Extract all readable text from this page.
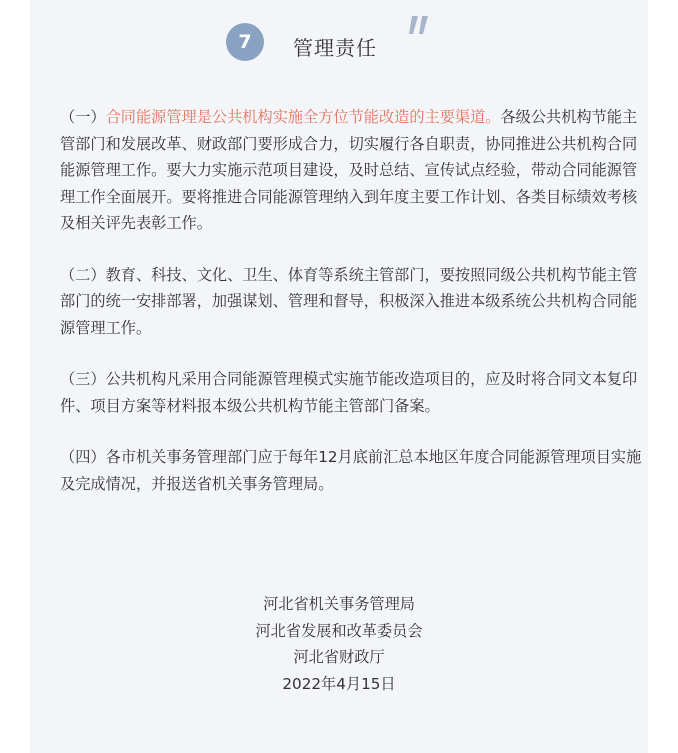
7	管理责任

（一）合同能源管理是公共机构实施全方位节能改造的主要渠道。各级公共机构节能主管部门和发展改革、财政部门要形成合力，切实履行各自职责，协同推进公共机构合同能源管理工作。要大力实施示范项目建设，及时总结、宣传试点经验，带动合同能源管理工作全面展开。要将推进合同能源管理纳入到年度主要工作计划、各类目标绩效考核及相关评先表彰工作。

（二）教育、科技、文化、卫生、体育等系统主管部门，要按照同级公共机构节能主管部门的统一安排部署，加强谋划、管理和督导，积极深入推进本级系统公共机构合同能源管理工作。

（三）公共机构凡采用合同能源管理模式实施节能改造项目的，应及时将合同文本复印件、项目方案等材料报本级公共机构节能主管部门备案。

（四）各市机关事务管理部门应于每年12月底前汇总本地区年度合同能源管理项目实施及完成情况，并报送省机关事务管理局。

河北省机关事务管理局
河北省发展和改革委员会
河北省财政厅
2022年4月15日
